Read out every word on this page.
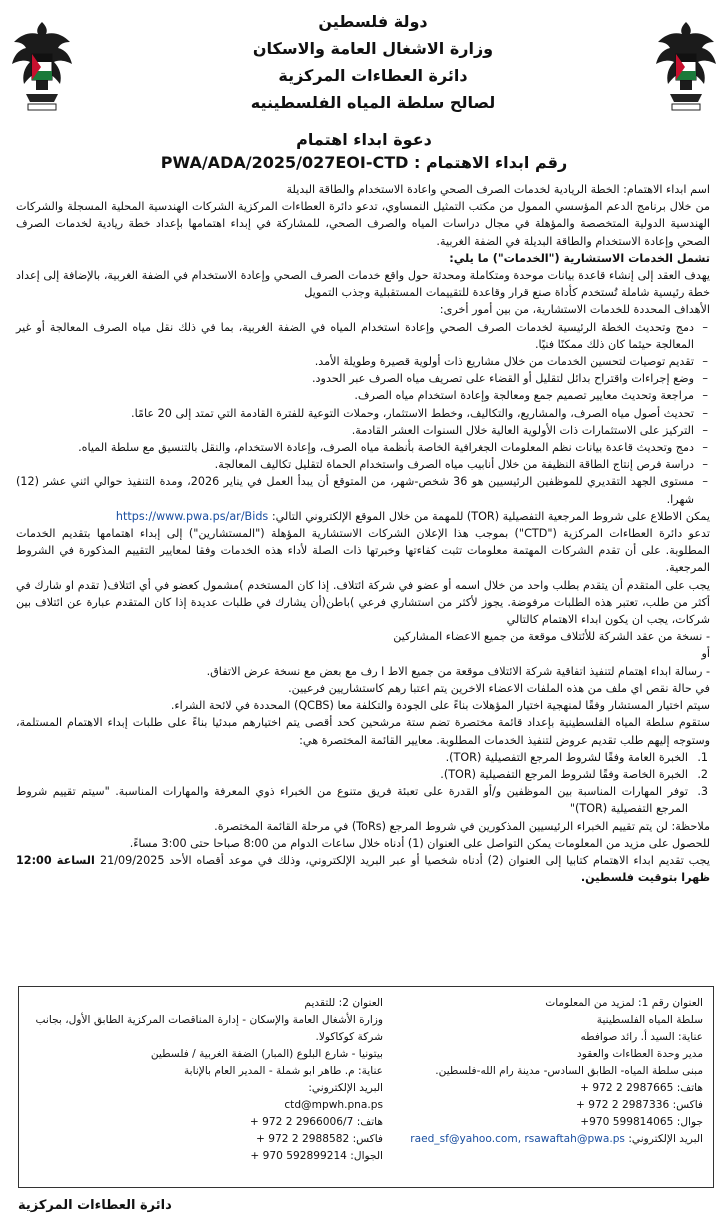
دولة فلسطين
وزارة الاشغال العامة والاسكان
دائرة العطاءات المركزية
لصالح سلطة المياه الفلسطينيه
دعوة ابداء اهتمام
رقم ابداء الاهتمام : PWA/ADA/2025/027EOI-CTD

اسم ابداء الاهتمام: الخطة الريادية لخدمات الصرف الصحي واعادة الاستخدام والطاقة البديلة

من خلال برنامج الدعم المؤسسي الممول من مكتب التمثيل النمساوي، تدعو دائرة العطاءات المركزية الشركات الهندسية المحلية المسجلة والشركات الهندسية الدولية المتخصصة والمؤهلة في مجال دراسات المياه والصرف الصحي، للمشاركة في إبداء اهتمامها بإعداد خطة ريادية لخدمات الصرف الصحي وإعادة الاستخدام والطاقة البديلة في الضفة الغربية.

تشمل الخدمات الاستشارية ("الخدمات") ما يلي:

يهدف العقد إلى إنشاء قاعدة بيانات موحدة ومتكاملة ومحدثة حول واقع خدمات الصرف الصحي وإعادة الاستخدام في الضفة الغربية، بالإضافة إلى إعداد خطة رئيسية شاملة تُستخدم كأداة صنع قرار وقاعدة للتقييمات المستقبلية وجذب التمويل

الأهداف المحددة للخدمات الاستشارية، من بين أمور أخرى:

– دمج وتحديث الخطة الرئيسية لخدمات الصرف الصحي وإعادة استخدام المياه في الضفة الغربية، بما في ذلك نقل مياه الصرف المعالجة أو غير المعالجة حيثما كان ذلك ممكنًا فنيًا.

– تقديم توصيات لتحسين الخدمات من خلال مشاريع ذات أولوية قصيرة وطويلة الأمد.

– وضع إجراءات واقتراح بدائل لتقليل أو القضاء على تصريف مياه الصرف عبر الحدود.

– مراجعة وتحديث معايير تصميم جمع ومعالجة وإعادة استخدام مياه الصرف.

– تحديث أصول مياه الصرف، والمشاريع، والتكاليف، وخطط الاستثمار، وحملات التوعية للفترة القادمة التي تمتد إلى 20 عامًا.

– التركيز على الاستثمارات ذات الأولوية العالية خلال السنوات العشر القادمة.

– دمج وتحديث قاعدة بيانات نظم المعلومات الجغرافية الخاصة بأنظمة مياه الصرف، وإعادة الاستخدام، والنقل بالتنسيق مع سلطة المياه.

– دراسة فرص إنتاج الطاقة النظيفة من خلال أنابيب مياه الصرف واستخدام الحماة لتقليل تكاليف المعالجة.

– مستوى الجهد التقديري للموظفين الرئيسيين هو 36 شخص-شهر، من المتوقع أن يبدأ العمل في يناير 2026، ومدة التنفيذ حوالي اثني عشر (12) شهرا.

يمكن الاطلاع على شروط المرجعية التفصيلية (TOR) للمهمة من خلال الموقع الإلكتروني التالي: https://www.pwa.ps/ar/Bids

تدعو دائرة العطاءات المركزية ("CTD") بموجب هذا الإعلان الشركات الاستشارية المؤهلة ("المستشارين") إلى إبداء اهتمامها بتقديم الخدمات المطلوبة. على أن تقدم الشركات المهتمة معلومات تثبت كفاءتها وخبرتها ذات الصلة لأداء هذه الخدمات وفقا لمعايير التقييم المذكورة في الشروط المرجعية.

يجب على المتقدم أن يتقدم بطلب واحد من خلال اسمه أو عضو في شركة ائتلاف. إذا كان المستخدم )مشمول كعضو في أي ائتلاف( تقدم او شارك في أكثر من طلب، تعتبر هذه الطلبات مرفوضة. يجوز لأكثر من استشاري فرعي )باطن(أن يشارك في طلبات عديدة إذا كان المتقدم عبارة عن ائتلاف بين شركات، يجب ان يكون ابداء الاهتمام كالتالي

- نسخة من عقد الشركة للأئتلاف موقعة من جميع الاعضاء المشاركين

أو

- رسالة ابداء اهتمام لتنفيذ اتفاقية شركة الائتلاف موقعة من جميع الاط ا رف مع بعض مع نسخة عرض الاتفاق.

في حالة نقص اي ملف من هذه الملفات الاعضاء الاخرين يتم اعتبا رهم كاستشاريين فرعيين.

سيتم اختيار المستشار وفقًا لمنهجية اختيار المؤهلات بناءً على الجودة والتكلفة معا (QCBS) المحددة في لائحة الشراء.

ستقوم سلطة المياه الفلسطينية بإعداد قائمة مختصرة تضم ستة مرشحين كحد أقصى يتم اختيارهم مبدئيا بناءً على طلبات إبداء الاهتمام المستلمة، وستوجه إليهم طلب تقديم عروض لتنفيذ الخدمات المطلوبة. معايير القائمة المختصرة هي:

1.
الخبرة العامة وفقًا لشروط المرجع التفصيلية (TOR).

2.
الخبرة الخاصة وفقًا لشروط المرجع التفصيلية (TOR).

3.
توفر المهارات المناسبة بين الموظفين و/أو القدرة على تعبئة فريق متنوع من الخبراء ذوي المعرفة والمهارات المناسبة. "سيتم تقييم شروط المرجع التفصيلية (TOR)"

ملاحظة: لن يتم تقييم الخبراء الرئيسيين المذكورين في شروط المرجع (ToRs) في مرحلة القائمة المختصرة.

للحصول على مزيد من المعلومات يمكن التواصل على العنوان (1) أدناه خلال ساعات الدوام من 8:00 صباحا حتى 3:00 مساءً.

يجب تقديم ابداء الاهتمام كتابيا إلى العنوان (2) أدناه شخصيا أو عبر البريد الإلكتروني، وذلك في موعد أقصاه الأحد 21/09/2025 الساعة 12:00 ظهرا بتوقيت فلسطين.

العنوان رقم 1: لمزيد من المعلومات
سلطة المياه الفلسطينية
عناية: السيد أ. رائد صوافطه
مدير وحدة العطاءات والعقود
مبنى سلطة المياه- الطابق السادس- مدينة رام الله-فلسطين.
هاتف: 2987665 2 972 +
فاكس: 2987336 2 972 +
جوال: 599814065 970+
البريد الإلكتروني: raed_sf@yahoo.com, rsawaftah@pwa.ps
العنوان 2: للتقديم
وزارة الأشغال العامة والإسكان - إدارة المناقصات المركزية الطابق الأول، بجانب شركة كوكاكولا.
بيتونيا - شارع البلوع (المبار) الضفة الغربية / فلسطين
عناية: م. طاهر ابو شملة - المدير العام بالإنابة
البريد الإلكتروني:
ctd@mpwh.pna.ps
هاتف: 2966006/7 2 972 +
فاكس: 2988582 2 972 +
الجوال: 592899214 970 +
دائرة العطاءات المركزية
